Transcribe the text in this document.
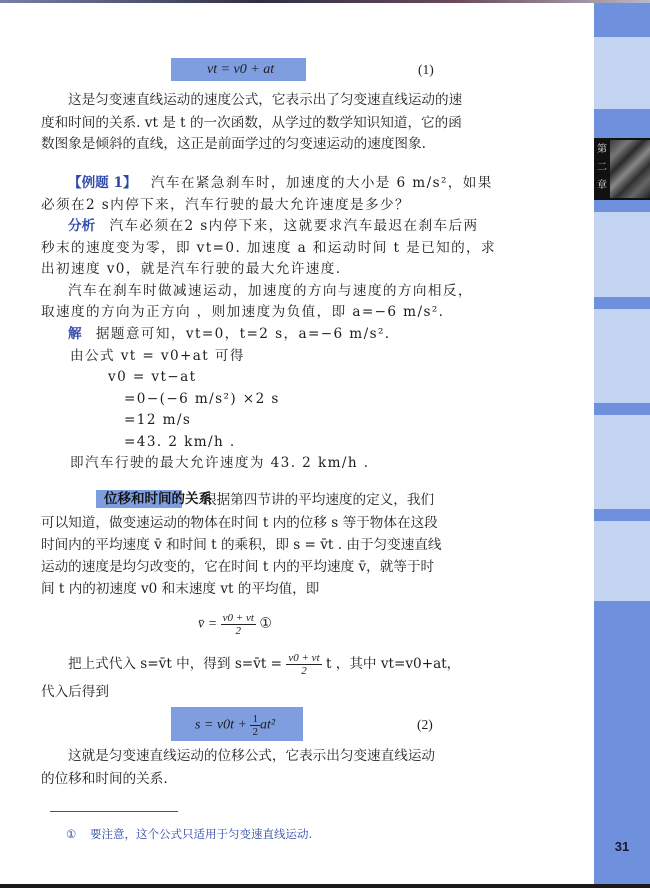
第二章
31
vt = v0 + at	(1)
这是匀变速直线运动的速度公式，它表示出了匀变速直线运动的速
度和时间的关系. vt 是 t 的一次函数，从学过的数学知识知道，它的函
数图象是倾斜的直线，这正是前面学过的匀变速运动的速度图象.
【例题 1】 汽车在紧急刹车时，加速度的大小是 6 m/s²，如果
必须在2 s内停下来，汽车行驶的最大允许速度是多少？
分析 汽车必须在2 s内停下来，这就要求汽车最迟在刹车后两
秒末的速度变为零，即 vt=0. 加速度 a 和运动时间 t 是已知的，求
出初速度 v0，就是汽车行驶的最大允许速度.
汽车在刹车时做减速运动，加速度的方向与速度的方向相反，
取速度的方向为正方向 ，则加速度为负值，即 a=−6 m/s².
解 据题意可知，vt=0，t=2 s，a=−6 m/s².
由公式 vt = v0+at 可得
v0 = vt−at
=0−(−6 m/s²) ×2 s
=12 m/s
=43. 2 km/h .
即汽车行驶的最大允许速度为 43. 2 km/h .
位移和时间的关系
根据第四节讲的平均速度的定义，我们
可以知道，做变速运动的物体在时间 t 内的位移 s 等于物体在这段
时间内的平均速度 v̄ 和时间 t 的乘积，即 s = v̄t . 由于匀变速直线
运动的速度是均匀改变的，它在时间 t 内的平均速度 v̄，就等于时
间 t 内的初速度 v0 和末速度 vt 的平均值，即
v̄ = $\frac{v0 + vt}{2}$ ①
把上式代入 s=v̄t 中，得到 s=v̄t = $\frac{v0 + vt}{2}$ t ，其中 vt=v0+at，
代入后得到
$s = v0t + \frac{1}{2} at^2$	(2)
这就是匀变速直线运动的位移公式，它表示出匀变速直线运动
的位移和时间的关系.
① 要注意，这个公式只适用于匀变速直线运动.
